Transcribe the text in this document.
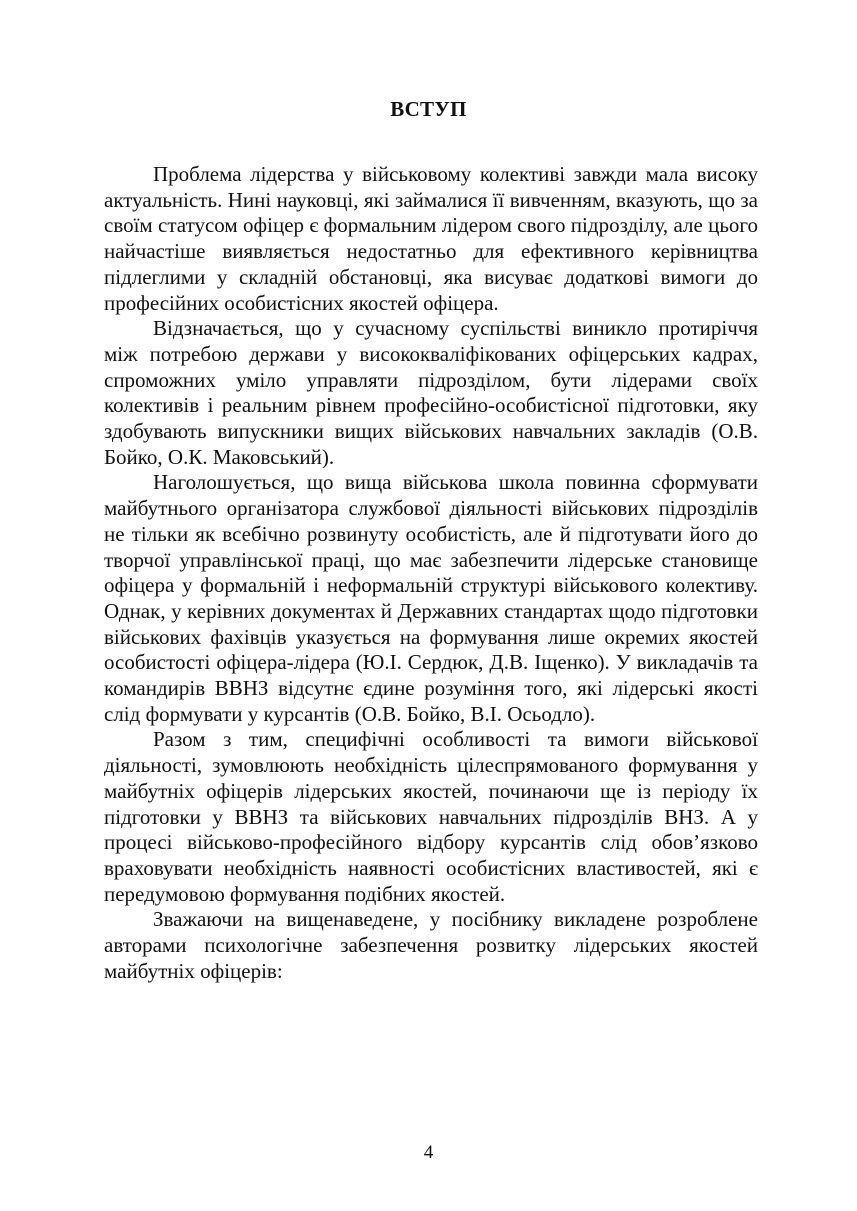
ВСТУП

Проблема лідерства у військовому колективі завжди мала високу актуальність. Нині науковці, які займалися її вивченням, вказують, що за своїм статусом офіцер є формальним лідером свого підрозділу, але цього найчастіше виявляється недостатньо для ефективного керівництва підлеглими у складній обстановці, яка висуває додаткові вимоги до професійних особистісних якостей офіцера.

Відзначається, що у сучасному суспільстві виникло протиріччя між потребою держави у висококваліфікованих офіцерських кадрах, спроможних уміло управляти підрозділом, бути лідерами своїх колективів і реальним рівнем професійно-особистісної підготовки, яку здобувають випускники вищих військових навчальних закладів (О.В. Бойко, О.К. Маковський).

Наголошується, що вища військова школа повинна сформувати майбутнього організатора службової діяльності військових підрозділів не тільки як всебічно розвинуту особистість, але й підготувати його до творчої управлінської праці, що має забезпечити лідерське становище офіцера у формальній і неформальній структурі військового колективу. Однак, у керівних документах й Державних стандартах щодо підготовки військових фахівців указується на формування лише окремих якостей особистості офіцера-лідера (Ю.І. Сердюк, Д.В. Іщенко). У викладачів та командирів ВВНЗ відсутнє єдине розуміння того, які лідерські якості слід формувати у курсантів (О.В. Бойко, В.І. Осьодло).

Разом з тим, специфічні особливості та вимоги військової діяльності, зумовлюють необхідність цілеспрямованого формування у майбутніх офіцерів лідерських якостей, починаючи ще із періоду їх підготовки у ВВНЗ та військових навчальних підрозділів ВНЗ. А у процесі військово-професійного відбору курсантів слід обов’язково враховувати необхідність наявності особистісних властивостей, які є передумовою формування подібних якостей.

Зважаючи на вищенаведене, у посібнику викладене розроблене авторами психологічне забезпечення розвитку лідерських якостей майбутніх офіцерів:

4
